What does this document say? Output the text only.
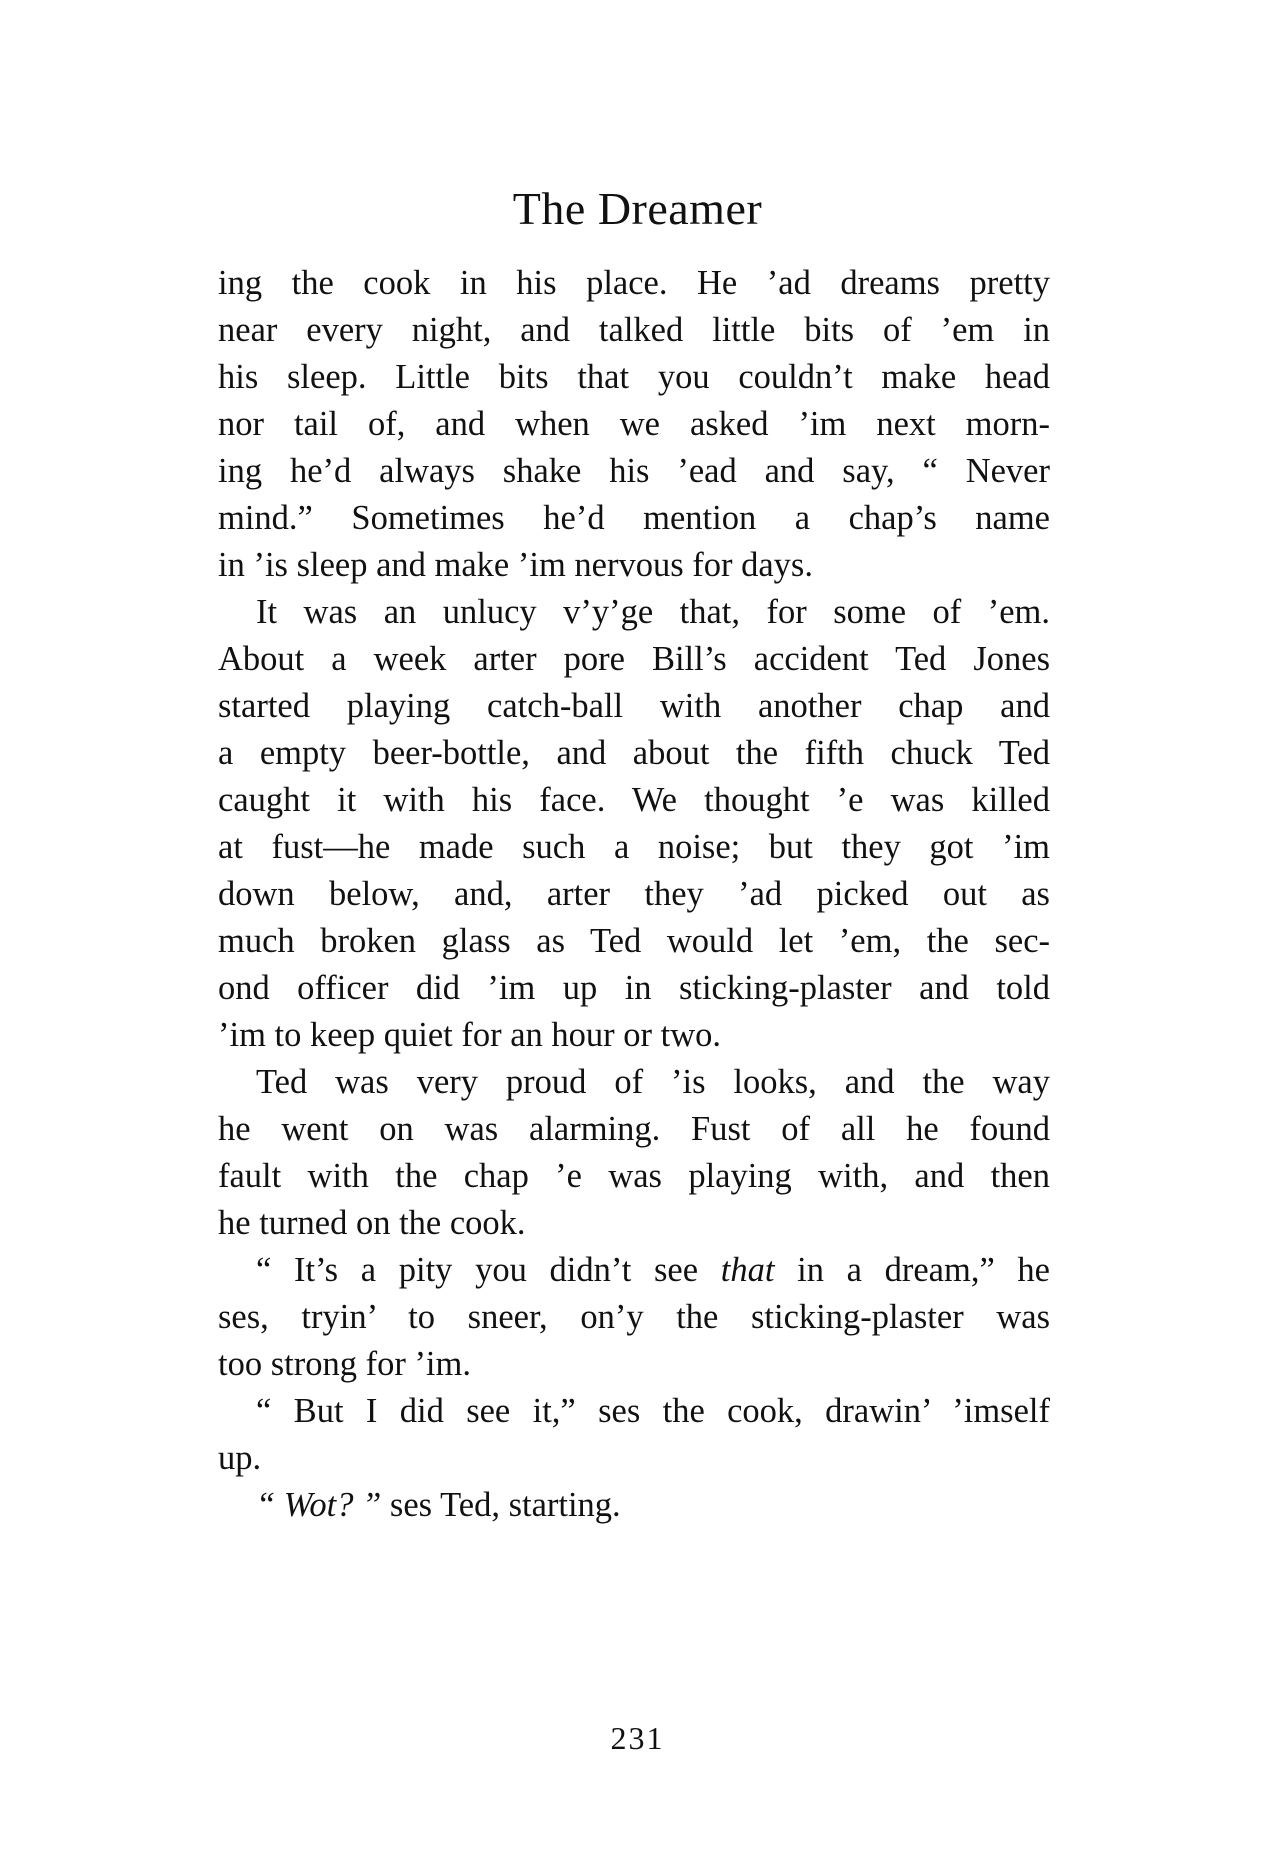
The Dreamer
ing the cook in his place. He ’ad dreams pretty
near every night, and talked little bits of ’em in
his sleep. Little bits that you couldn’t make head
nor tail of, and when we asked ’im next morn-
ing he’d always shake his ’ead and say, “ Never
mind.” Sometimes he’d mention a chap’s name
in ’is sleep and make ’im nervous for days.
It was an unlucy v’y’ge that, for some of ’em.
About a week arter pore Bill’s accident Ted Jones
started playing catch-ball with another chap and
a empty beer-bottle, and about the fifth chuck Ted
caught it with his face. We thought ’e was killed
at fust—he made such a noise; but they got ’im
down below, and, arter they ’ad picked out as
much broken glass as Ted would let ’em, the sec-
ond officer did ’im up in sticking-plaster and told
’im to keep quiet for an hour or two.
Ted was very proud of ’is looks, and the way
he went on was alarming. Fust of all he found
fault with the chap ’e was playing with, and then
he turned on the cook.
“ It’s a pity you didn’t see that in a dream,” he
ses, tryin’ to sneer, on’y the sticking-plaster was
too strong for ’im.
“ But I did see it,” ses the cook, drawin’ ’imself
up.
“ Wot? ” ses Ted, starting.
231
